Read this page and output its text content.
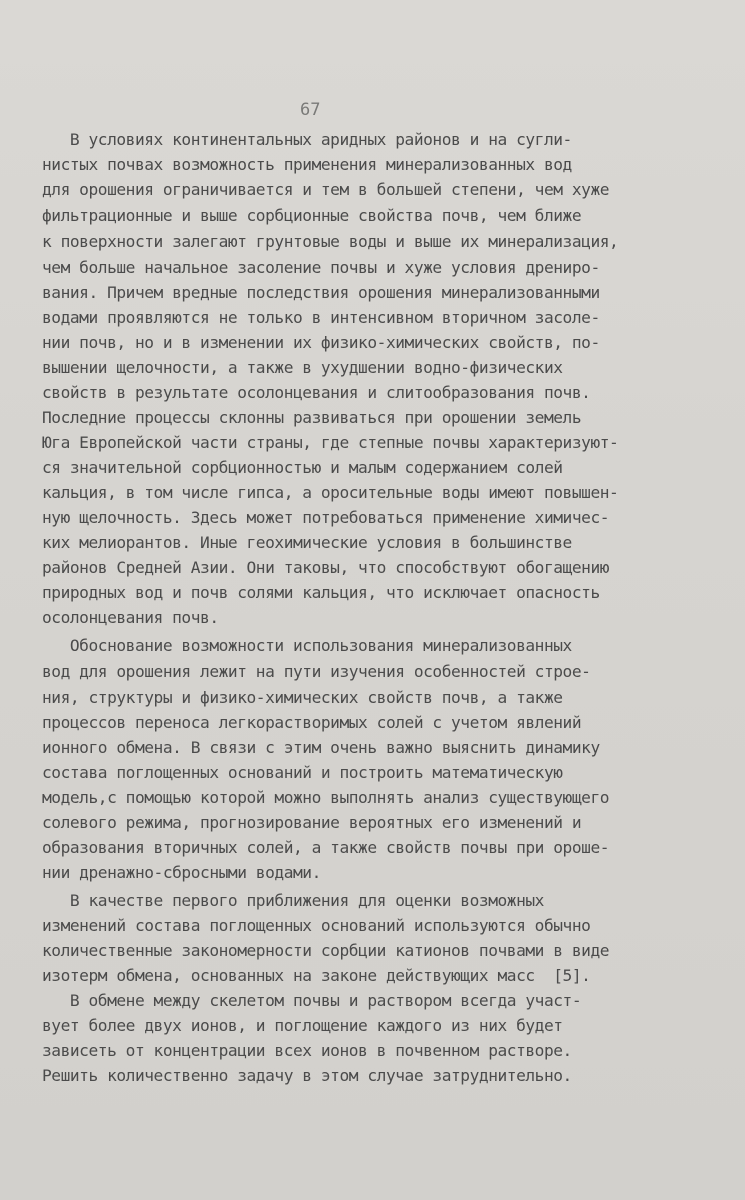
67
В условиях континентальных аридных районов и на сугли-
нистых почвах возможность применения минерализованных вод
для орошения ограничивается и тем в большей степени, чем хуже
фильтрационные и выше сорбционные свойства почв, чем ближе
к поверхности залегают грунтовые воды и выше их минерализация,
чем больше начальное засоление почвы и хуже условия дрениро-
вания. Причем вредные последствия орошения минерализованными
водами проявляются не только в интенсивном вторичном засоле-
нии почв, но и в изменении их физико-химических свойств, по-
вышении щелочности, а также в ухудшении водно-физических
свойств в результате осолонцевания и слитообразования почв.
Последние процессы склонны развиваться при орошении земель
Юга Европейской части страны, где степные почвы характеризуют-
ся значительной сорбционностью и малым содержанием солей
кальция, в том числе гипса, а оросительные воды имеют повышен-
ную щелочность. Здесь может потребоваться применение химичес-
ких мелиорантов. Иные геохимические условия в большинстве
районов Средней Азии. Они таковы, что способствуют обогащению
природных вод и почв солями кальция, что исключает опасность
осолонцевания почв.
Обоснование возможности использования минерализованных
вод для орошения лежит на пути изучения особенностей строе-
ния, структуры и физико-химических свойств почв, а также
процессов переноса легкорастворимых солей с учетом явлений
ионного обмена. В связи с этим очень важно выяснить динамику
состава поглощенных оснований и построить математическую
модель,с помощью которой можно выполнять анализ существующего
солевого режима, прогнозирование вероятных его изменений и
образования вторичных солей, а также свойств почвы при ороше-
нии дренажно-сбросными водами.
В качестве первого приближения для оценки возможных
изменений состава поглощенных оснований используются обычно
количественные закономерности сорбции катионов почвами в виде
изотерм обмена, основанных на законе действующих масс  [5].
В обмене между скелетом почвы и раствором всегда участ-
вует более двух ионов, и поглощение каждого из них будет
зависеть от концентрации всех ионов в почвенном растворе.
Решить количественно задачу в этом случае затруднительно.
